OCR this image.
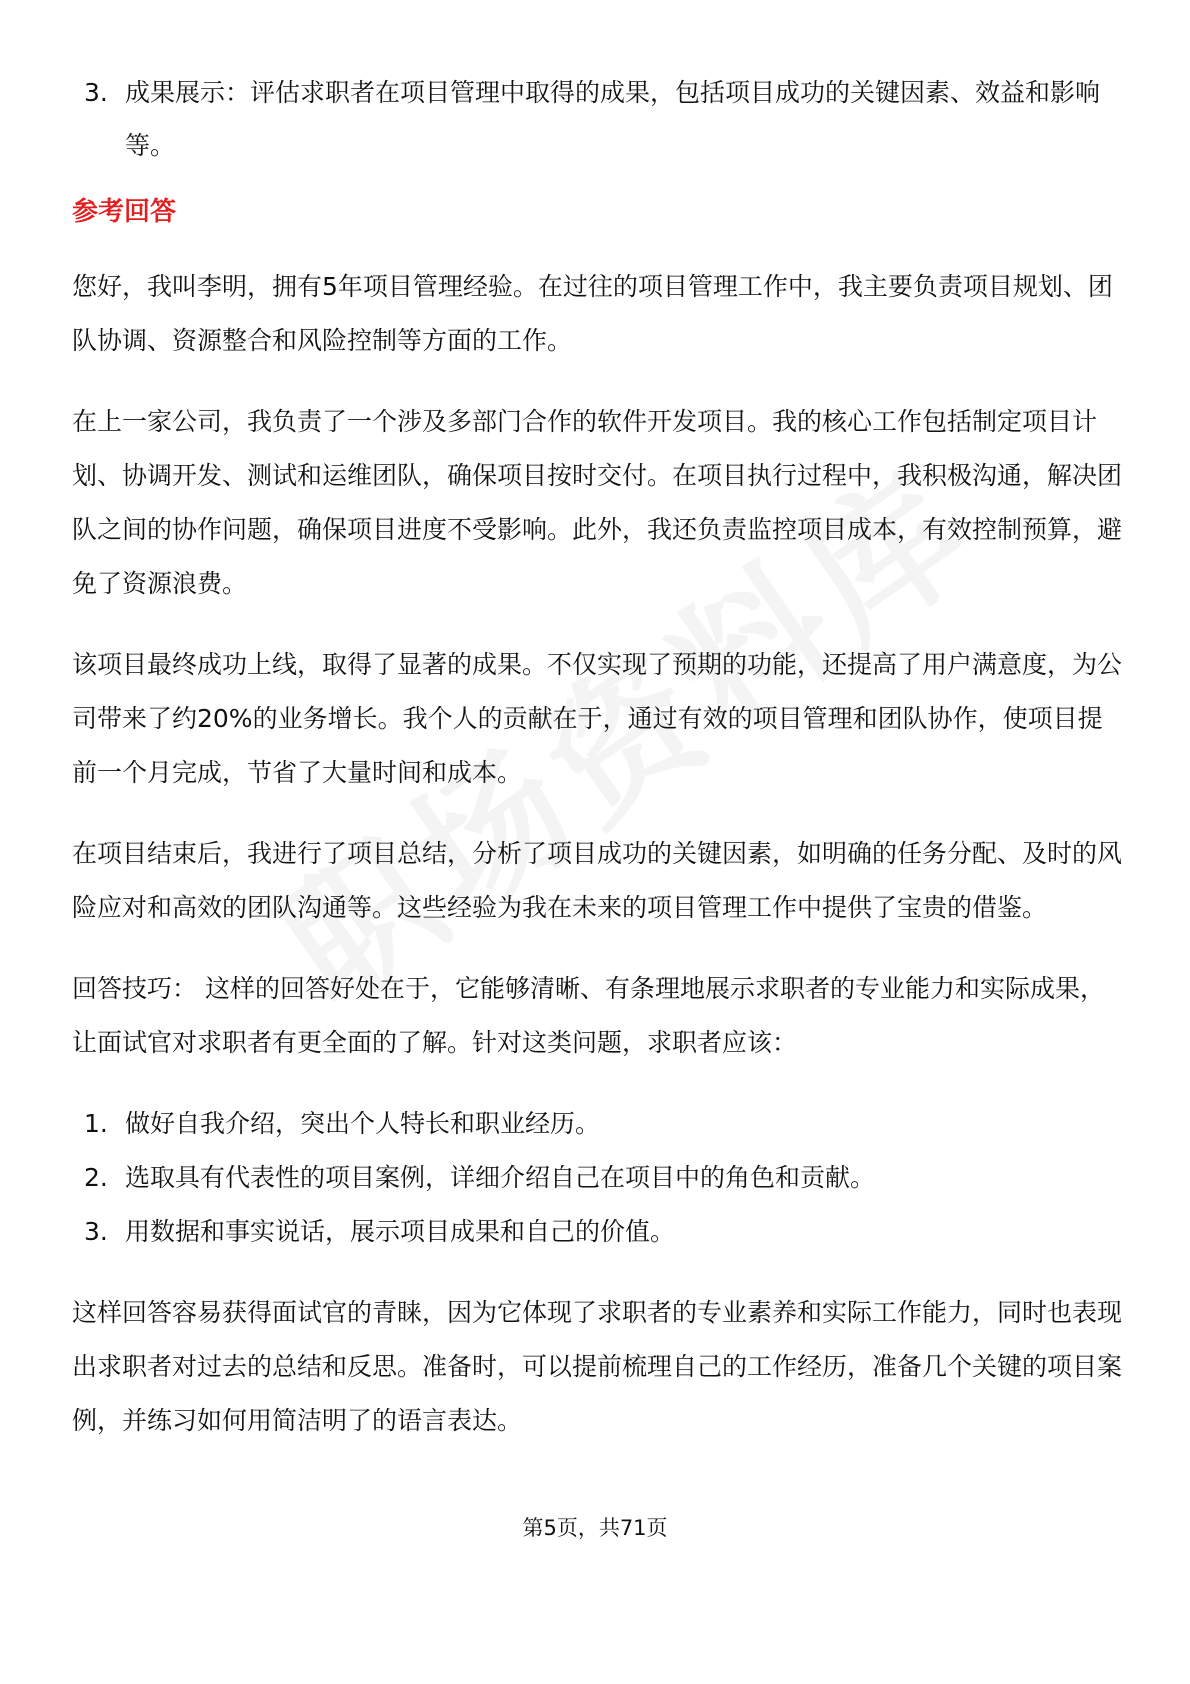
3. 成果展示：评估求职者在项目管理中取得的成果，包括项目成功的关键因素、效益和影响等。
参考回答

您好，我叫李明，拥有5年项目管理经验。在过往的项目管理工作中，我主要负责项目规划、团队协调、资源整合和风险控制等方面的工作。

在上一家公司，我负责了一个涉及多部门合作的软件开发项目。我的核心工作包括制定项目计划、协调开发、测试和运维团队，确保项目按时交付。在项目执行过程中，我积极沟通，解决团队之间的协作问题，确保项目进度不受影响。此外，我还负责监控项目成本，有效控制预算，避免了资源浪费。

该项目最终成功上线，取得了显著的成果。不仅实现了预期的功能，还提高了用户满意度，为公司带来了约20%的业务增长。我个人的贡献在于，通过有效的项目管理和团队协作，使项目提前一个月完成，节省了大量时间和成本。

在项目结束后，我进行了项目总结，分析了项目成功的关键因素，如明确的任务分配、及时的风险应对和高效的团队沟通等。这些经验为我在未来的项目管理工作中提供了宝贵的借鉴。

回答技巧： 这样的回答好处在于，它能够清晰、有条理地展示求职者的专业能力和实际成果，让面试官对求职者有更全面的了解。针对这类问题，求职者应该：

1. 做好自我介绍，突出个人特长和职业经历。
2. 选取具有代表性的项目案例，详细介绍自己在项目中的角色和贡献。
3. 用数据和事实说话，展示项目成果和自己的价值。

这样回答容易获得面试官的青睐，因为它体现了求职者的专业素养和实际工作能力，同时也表现出求职者对过去的总结和反思。准备时，可以提前梳理自己的工作经历，准备几个关键的项目案例，并练习如何用简洁明了的语言表达。

第5页，共71页
